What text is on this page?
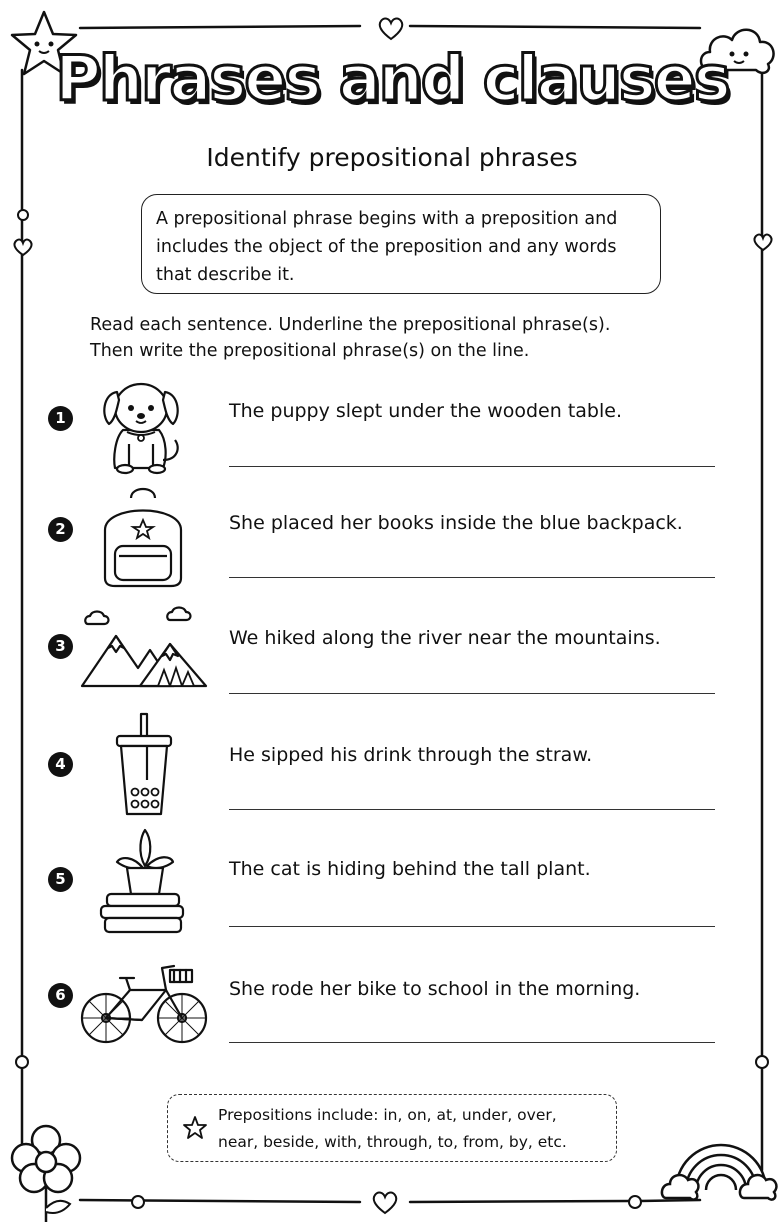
Phrases and clauses
Identify prepositional phrases
A prepositional phrase begins with a preposition and
includes the object of the preposition and any words
that describe it.
Read each sentence. Underline the prepositional phrase(s).
Then write the prepositional phrase(s) on the line.
1	The puppy slept under the wooden table.
2	She placed her books inside the blue backpack.
3	We hiked along the river near the mountains.
4	He sipped his drink through the straw.
5	The cat is hiding behind the tall plant.
6	She rode her bike to school in the morning.
Prepositions include: in, on, at, under, over,
near, beside, with, through, to, from, by, etc.
